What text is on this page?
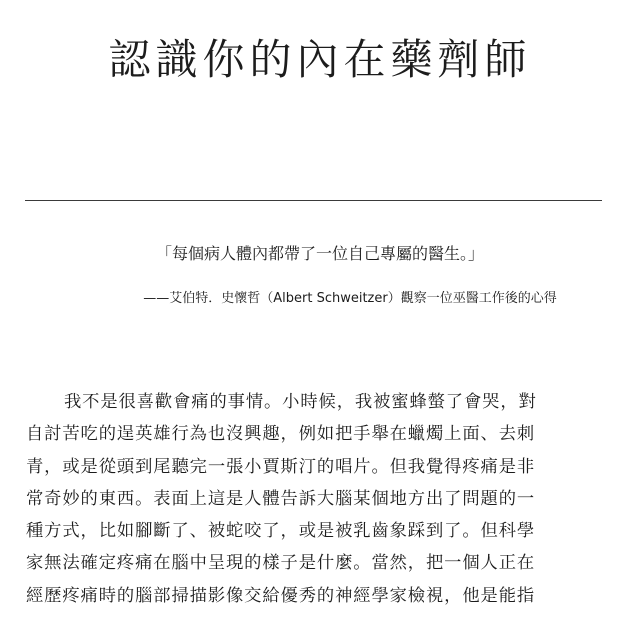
認識你的內在藥劑師
「每個病人體內都帶了一位自己專屬的醫生。」
——艾伯特．史懷哲（Albert Schweitzer）觀察一位巫醫工作後的心得
我不是很喜歡會痛的事情。小時候，我被蜜蜂螫了會哭，對
自討苦吃的逞英雄行為也沒興趣，例如把手舉在蠟燭上面、去刺
青，或是從頭到尾聽完一張小賈斯汀的唱片。但我覺得疼痛是非
常奇妙的東西。表面上這是人體告訴大腦某個地方出了問題的一
種方式，比如腳斷了、被蛇咬了，或是被乳齒象踩到了。但科學
家無法確定疼痛在腦中呈現的樣子是什麼。當然，把一個人正在
經歷疼痛時的腦部掃描影像交給優秀的神經學家檢視，他是能指
